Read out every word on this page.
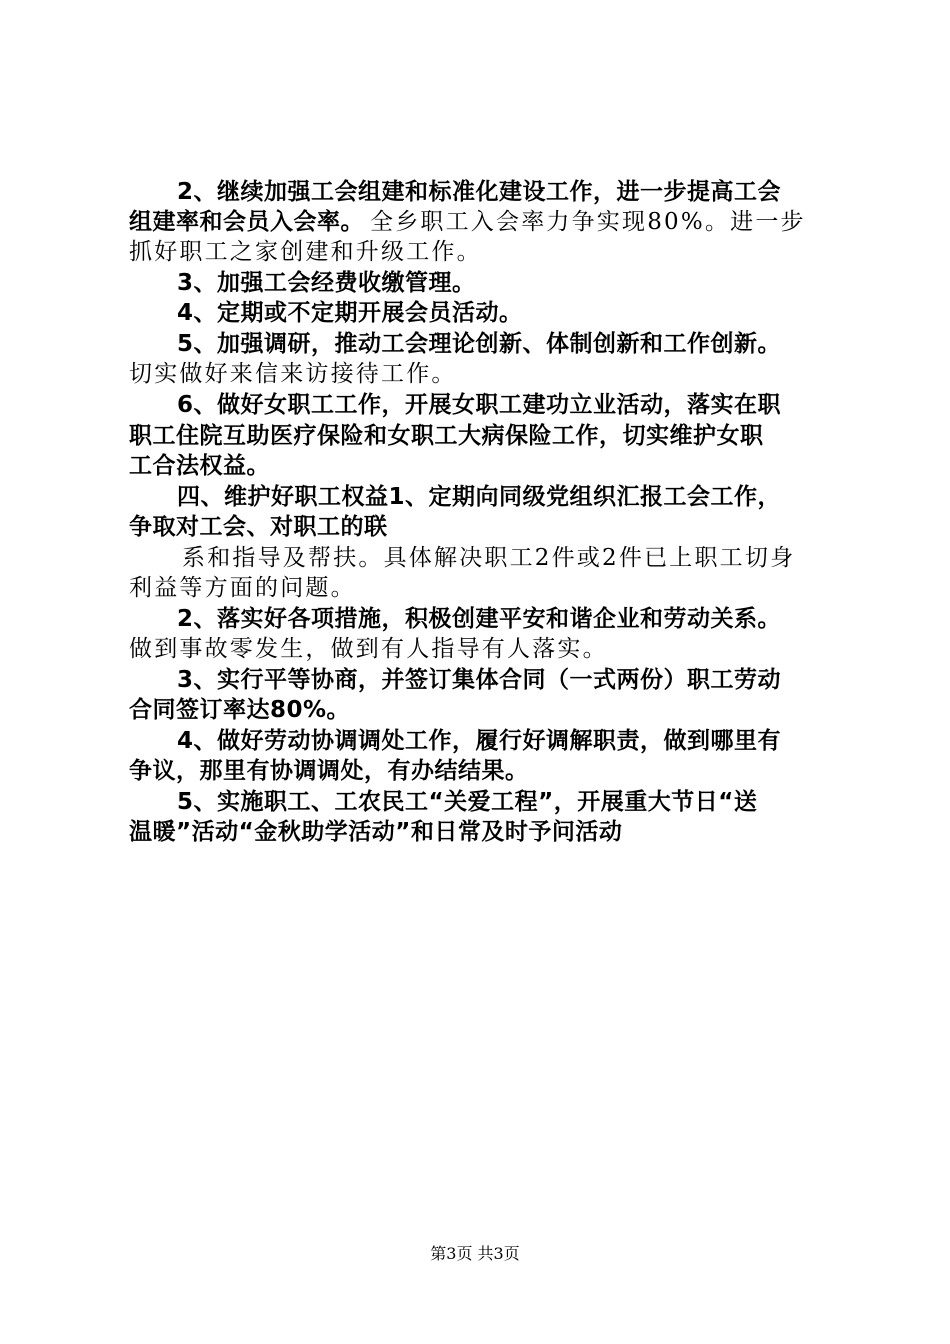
2、继续加强工会组建和标准化建设工作，进一步提高工会
组建率和会员入会率。 全乡职工入会率力争实现80%。进一步
抓好职工之家创建和升级工作。
3、加强工会经费收缴管理。
4、定期或不定期开展会员活动。
5、加强调研，推动工会理论创新、体制创新和工作创新。
切实做好来信来访接待工作。
6、做好女职工工作，开展女职工建功立业活动，落实在职
职工住院互助医疗保险和女职工大病保险工作，切实维护女职
工合法权益。
四、维护好职工权益1、定期向同级党组织汇报工会工作，
争取对工会、对职工的联
系和指导及帮扶。具体解决职工2件或2件已上职工切身
利益等方面的问题。
2、落实好各项措施，积极创建平安和谐企业和劳动关系。
做到事故零发生，做到有人指导有人落实。
3、实行平等协商，并签订集体合同（一式两份）职工劳动
合同签订率达80%。
4、做好劳动协调调处工作，履行好调解职责，做到哪里有
争议，那里有协调调处，有办结结果。
5、实施职工、工农民工“关爱工程”，开展重大节日“送
温暖”活动“金秋助学活动”和日常及时予问活动
第3页 共3页
